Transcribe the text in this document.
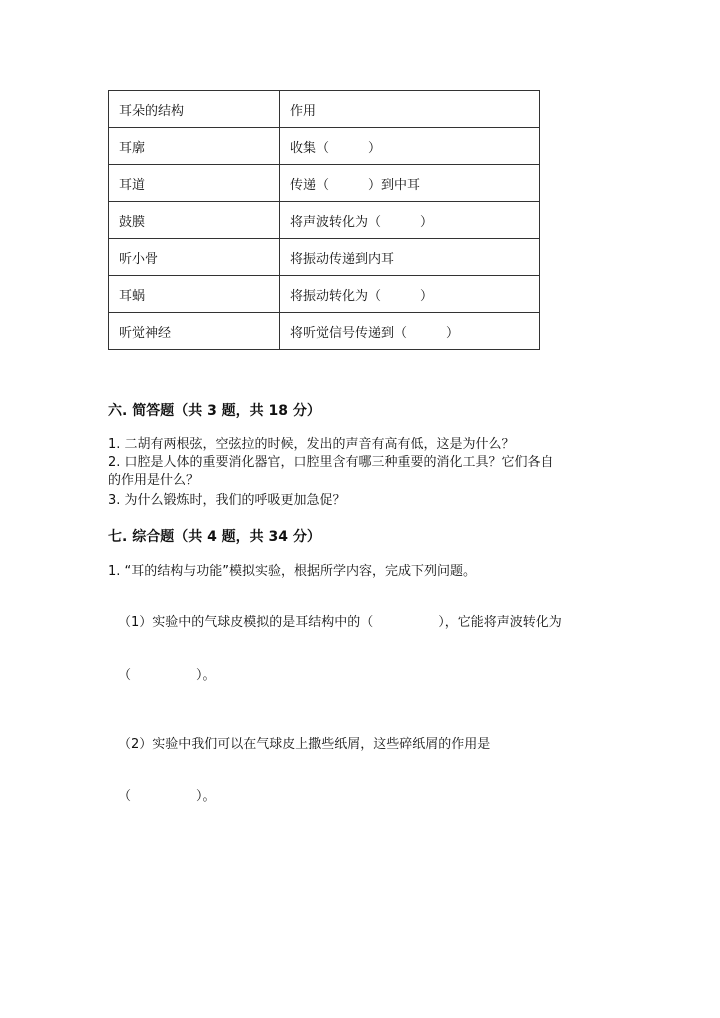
耳朵的结构	作用
耳廓	收集（　　　）
耳道	传递（　　　）到中耳
鼓膜	将声波转化为（　　　）
听小骨	将振动传递到内耳
耳蜗	将振动转化为（　　　）
听觉神经	将听觉信号传递到（　　　）
六. 简答题（共 3 题，共 18 分）
1. 二胡有两根弦，空弦拉的时候，发出的声音有高有低，这是为什么？
2. 口腔是人体的重要消化器官，口腔里含有哪三种重要的消化工具？它们各自
的作用是什么？
3. 为什么锻炼时，我们的呼吸更加急促？
七. 综合题（共 4 题，共 34 分）
1. “耳的结构与功能”模拟实验，根据所学内容，完成下列问题。
（1）实验中的气球皮模拟的是耳结构中的（　　　　　），它能将声波转化为
（　　　　　）。
（2）实验中我们可以在气球皮上撒些纸屑，这些碎纸屑的作用是
（　　　　　）。
